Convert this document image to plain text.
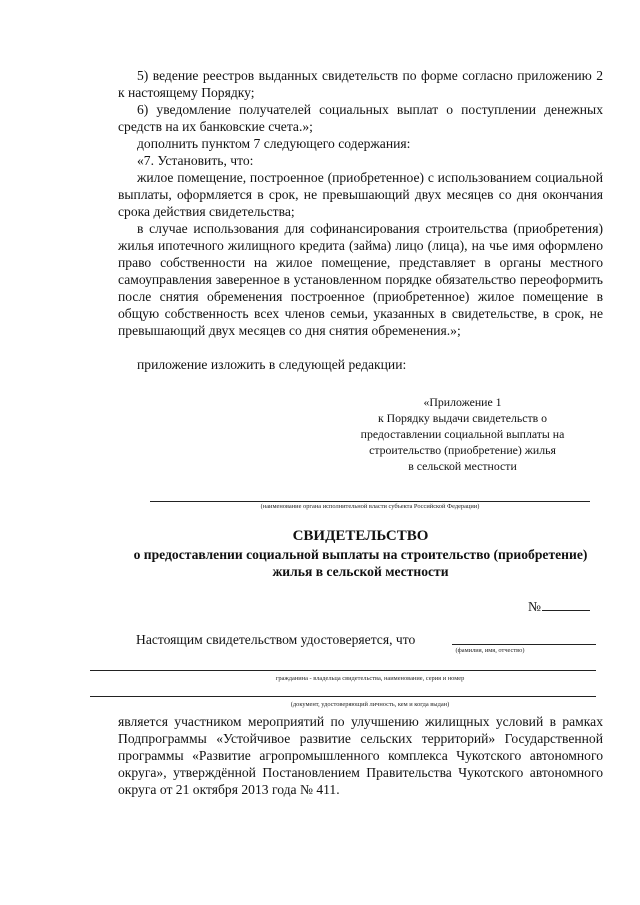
5) ведение реестров выданных свидетельств по форме согласно приложению 2 к настоящему Порядку;

6) уведомление получателей социальных выплат о поступлении денежных средств на их банковские счета.»;

дополнить пунктом 7 следующего содержания:

«7. Установить, что:

жилое помещение, построенное (приобретенное) с использованием социальной выплаты, оформляется в срок, не превышающий двух месяцев со дня окончания срока действия свидетельства;

в случае использования для софинансирования строительства (приобретения) жилья ипотечного жилищного кредита (займа) лицо (лица), на чье имя оформлено право собственности на жилое помещение, представляет в органы местного самоуправления заверенное в установленном порядке обязательство переоформить после снятия обременения построенное (приобретенное) жилое помещение в общую собственность всех членов семьи, указанных в свидетельстве, в срок, не превышающий двух месяцев со дня снятия обременения.»;

приложение изложить в следующей редакции:

«Приложение 1
к Порядку выдачи свидетельств о
предоставлении социальной выплаты на
строительство (приобретение) жилья
в сельской местности
(наименование органа исполнительной власти субъекта Российской Федерации)
СВИДЕТЕЛЬСТВО
о предоставлении социальной выплаты на строительство (приобретение)
жилья в сельской местности
№
Настоящим свидетельством удостоверяется, что
(фамилия, имя, отчество)
гражданина - владельца свидетельства, наименование, серия и номер
(документ, удостоверяющий личность, кем и когда выдан)

является участником мероприятий по улучшению жилищных условий в рамках Подпрограммы «Устойчивое развитие сельских территорий» Государственной программы «Развитие агропромышленного комплекса Чукотского автономного округа», утверждённой Постановлением Правительства Чукотского автономного округа от 21 октября 2013 года № 411.
